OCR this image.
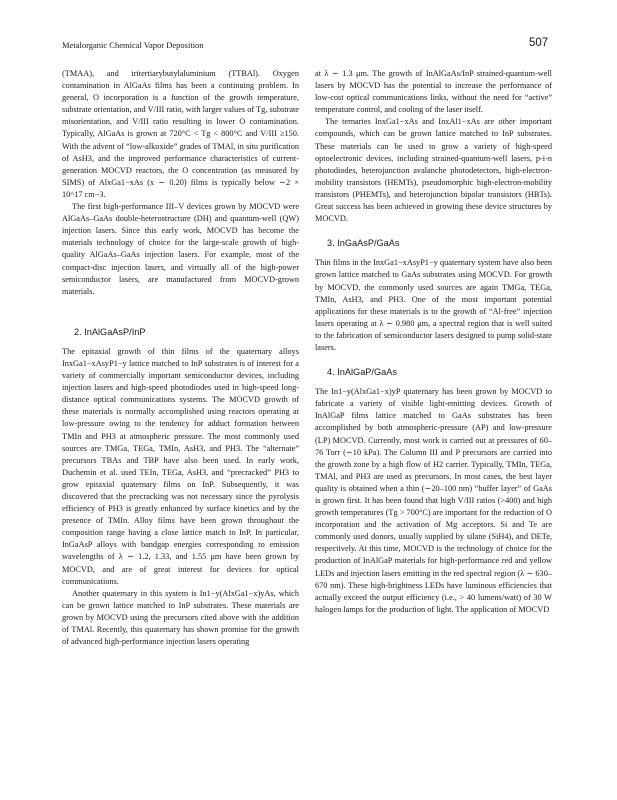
Metalorganic Chemical Vapor Deposition	507

(TMAA), and tritertiarybutylaluminium (TTBAl). Oxygen contamination in AlGaAs films has been a continuing problem. In general, O incorporation is a function of the growth temperature, substrate orientation, and V/III ratio, with larger values of Tg, substrate misorientation, and V/III ratio resulting in lower O contamination. Typically, AlGaAs is grown at 720°C < Tg < 800°C and V/III ≥150. With the advent of “low-alkoxide” grades of TMAl, in situ purification of AsH3, and the improved performance characteristics of current-generation MOCVD reactors, the O concentration (as measured by SIMS) of AlxGa1−xAs (x ∼ 0.20) films is typically below ∼2 × 10^17 cm−3.

The first high-performance III–V devices grown by MOCVD were AlGaAs–GaAs double-heterostructure (DH) and quantum-well (QW) injection lasers. Since this early work, MOCVD has become the materials technology of choice for the large-scale growth of high-quality AlGaAs–GaAs injection lasers. For example, most of the compact-disc injection lasers, and virtually all of the high-power semiconductor lasers, are manufactured from MOCVD-grown materials.

2. InAlGaAsP/InP

The epitaxial growth of thin films of the quaternary alloys InxGa1−xAsyP1−y lattice matched to InP substrates is of interest for a variety of commercially important semiconductor devices, including injection lasers and high-speed photodiodes used in high-speed long-distance optical communications systems. The MOCVD growth of these materials is normally accomplished using reactors operating at low-pressure owing to the tendency for adduct formation between TMIn and PH3 at atmospheric pressure. The most commonly used sources are TMGa, TEGa, TMIn, AsH3, and PH3. The “alternate” precursors TBAs and TBP have also been used. In early work, Duchemin et al. used TEIn, TEGa, AsH3, and “precracked” PH3 to grow epitaxial quaternary films on InP. Subsequently, it was discovered that the precracking was not necessary since the pyrolysis efficiency of PH3 is greatly enhanced by surface kinetics and by the presence of TMIn. Alloy films have been grown throughout the composition range having a close lattice match to InP. In particular, InGaAsP alloys with bandgap energies corresponding to emission wavelengths of λ ∼ 1.2, 1.33, and 1.55 μm have been grown by MOCVD, and are of great interest for devices for optical communications.

Another quaternary in this system is In1−y(AlxGa1−x)yAs, which can be grown lattice matched to InP substrates. These materials are grown by MOCVD using the precursors cited above with the addition of TMAl. Recently, this quaternary has shown promise for the growth of advanced high-performance injection lasers operating

at λ ∼ 1.3 μm. The growth of InAlGaAs/InP strained-quantum-well lasers by MOCVD has the potential to increase the performance of low-cost optical communications links, without the need for “active” temperature control, and cooling of the laser itself.

The ternaries InxGa1−xAs and InxAl1−xAs are other important compounds, which can be grown lattice matched to InP substrates. These materials can be used to grow a variety of high-speed optoelectronic devices, including strained-quantum-well lasers, p-i-n photodiodes, heterojunction avalanche photodetectors, high-electron-mobility transistors (HEMTs), pseudomorphic high-electron-mobility transistors (PHEMTs), and heterojunction bipolar transistors (HBTs). Great success has been achieved in growing these device structures by MOCVD.

3. InGaAsP/GaAs

Thin films in the InxGa1−xAsyP1−y quaternary system have also been grown lattice matched to GaAs substrates using MOCVD. For growth by MOCVD, the commonly used sources are again TMGa, TEGa, TMIn, AsH3, and PH3. One of the most important potential applications for these materials is to the growth of “Al-free” injection lasers operating at λ ∼ 0.980 μm, a spectral region that is well suited to the fabrication of semiconductor lasers designed to pump solid-state lasers.

4. InAlGaP/GaAs

The In1−y(AlxGa1−x)yP quaternary has been grown by MOCVD to fabricate a variety of visible light-emitting devices. Growth of InAlGaP films lattice matched to GaAs substrates has been accomplished by both atmospheric-pressure (AP) and low-pressure (LP) MOCVD. Currently, most work is carried out at pressures of 60–76 Torr (∼10 kPa). The Column III and P precursors are carried into the growth zone by a high flow of H2 carrier. Typically, TMIn, TEGa, TMAl, and PH3 are used as precursors. In most cases, the best layer quality is obtained when a thin (∼20–100 nm) “buffer layer” of GaAs is grown first. It has been found that high V/III ratios (>400) and high growth temperatures (Tg > 700°C) are important for the reduction of O incorporation and the activation of Mg acceptors. Si and Te are commonly used donors, usually supplied by silane (SiH4), and DETe, respectively. At this time, MOCVD is the technology of choice for the production of InAlGaP materials for high-performance red and yellow LEDs and injection lasers emitting in the red spectral region (λ ∼ 630–670 nm). These high-brightness LEDs have luminous efficiencies that actually exceed the output efficiency (i.e., > 40 lumens/watt) of 30 W halogen lamps for the production of light. The application of MOCVD
